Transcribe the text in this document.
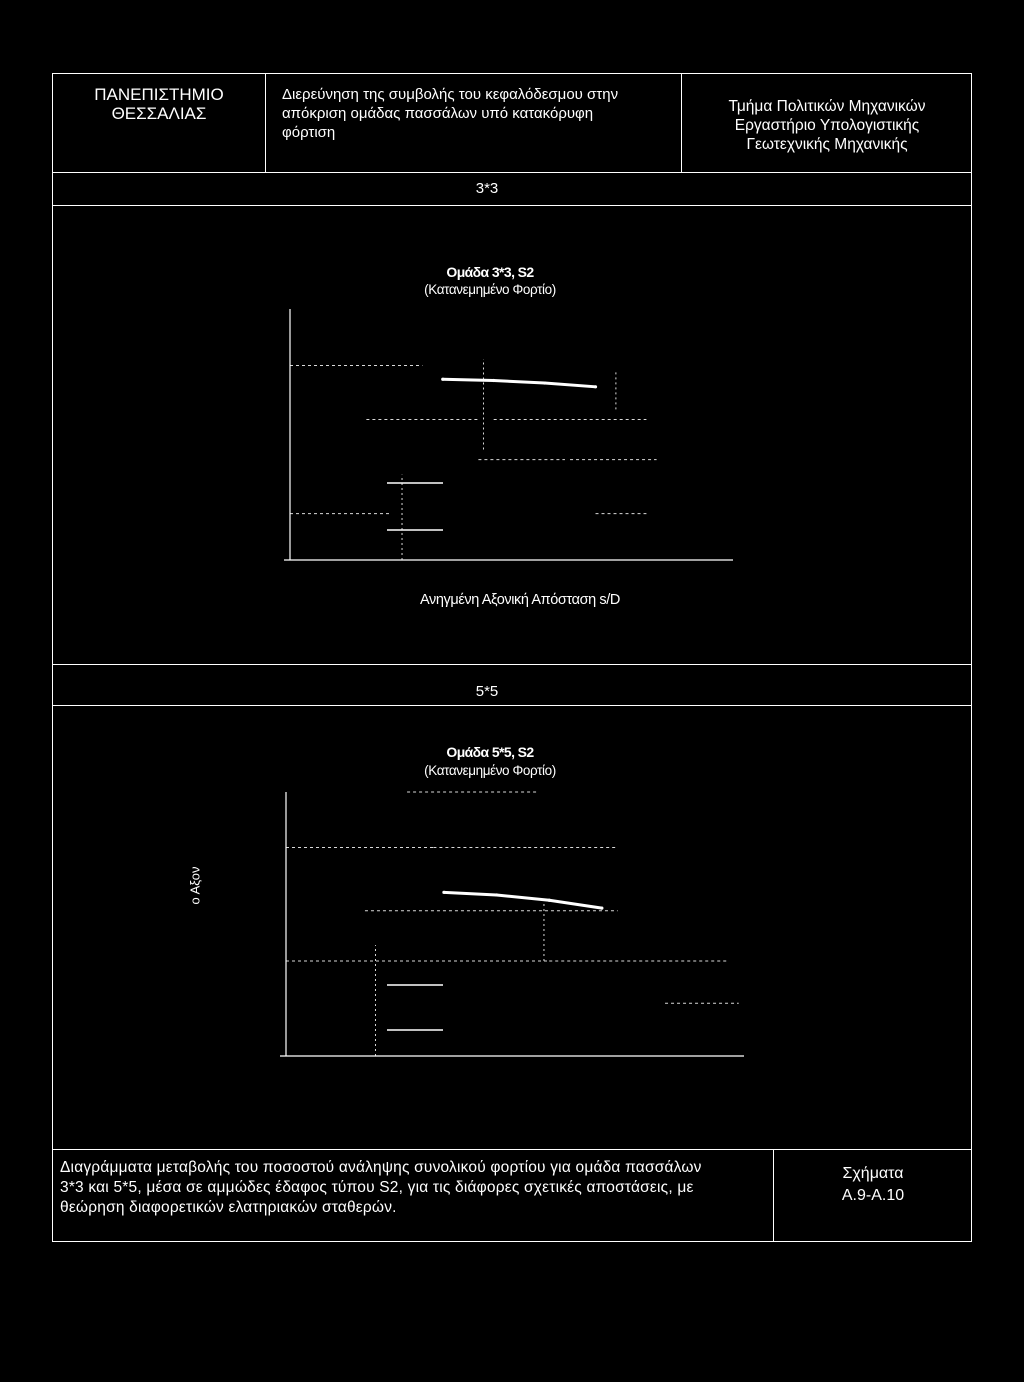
ΠΑΝΕΠΙΣΤΗΜΙΟ
ΘΕΣΣΑΛΙΑΣ
Διερεύνηση της συμβολής του κεφαλόδεσμου στην
απόκριση ομάδας πασσάλων υπό κατακόρυφη
φόρτιση
Τμήμα Πολιτικών Μηχανικών
Εργαστήριο Υπολογιστικής
Γεωτεχνικής Μηχανικής
3*3
5*5
Ομάδα 3*3, S2
(Κατανεμημένο Φορτίο)
Ανηγμένη Αξονική Απόσταση s/D
Ομάδα 5*5, S2
(Κατανεμημένο Φορτίο)
ο Αξον
Διαγράμματα μεταβολής του ποσοστού ανάληψης συνολικού φορτίου για ομάδα πασσάλων
3*3 και 5*5, μέσα σε αμμώδες έδαφος τύπου S2, για τις διάφορες σχετικές αποστάσεις, με
θεώρηση διαφορετικών ελατηριακών σταθερών.
Σχήματα
Α.9-Α.10
